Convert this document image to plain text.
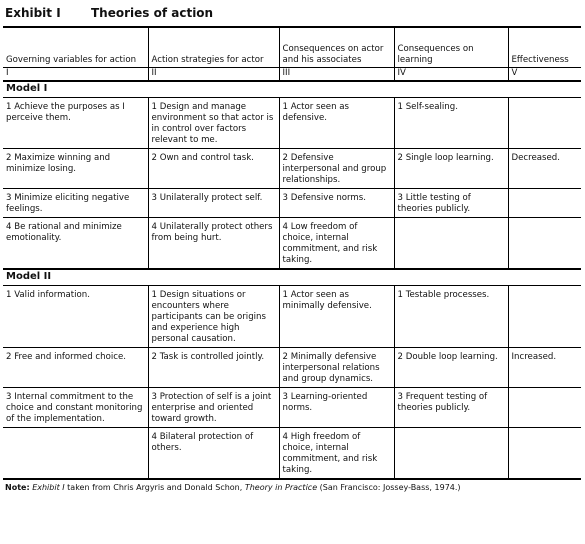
Exhibit I	Theories of action
Governing variables for action	Action strategies for actor	Consequences on actor and his associates	Consequences on learning	Effectiveness
I	II	III	IV	V
Model I				
1 Achieve the purposes as I perceive them.	1 Design and manage environment so that actor is in control over factors relevant to me.	1 Actor seen as defensive.	1 Self-sealing.	
2 Maximize winning and minimize losing.	2 Own and control task.	2 Defensive interpersonal and group relationships.	2 Single loop learning.	Decreased.
3 Minimize eliciting negative feelings.	3 Unilaterally protect self.	3 Defensive norms.	3 Little testing of theories publicly.	
4 Be rational and minimize emotionality.	4 Unilaterally protect others from being hurt.	4 Low freedom of choice, internal commitment, and risk taking.		
Model II				
1 Valid information.	1 Design situations or encounters where participants can be origins and experience high personal causation.	1 Actor seen as minimally defensive.	1 Testable processes.	
2 Free and informed choice.	2 Task is controlled jointly.	2 Minimally defensive interpersonal relations and group dynamics.	2 Double loop learning.	Increased.
3 Internal commitment to the choice and constant monitoring of the implementation.	3 Protection of self is a joint enterprise and oriented toward growth.	3 Learning-oriented norms.	3 Frequent testing of theories publicly.	
	4 Bilateral protection of others.	4 High freedom of choice, internal commitment, and risk taking.		
Note: Exhibit I taken from Chris Argyris and Donald Schon, Theory in Practice (San Francisco: Jossey-Bass, 1974.)
